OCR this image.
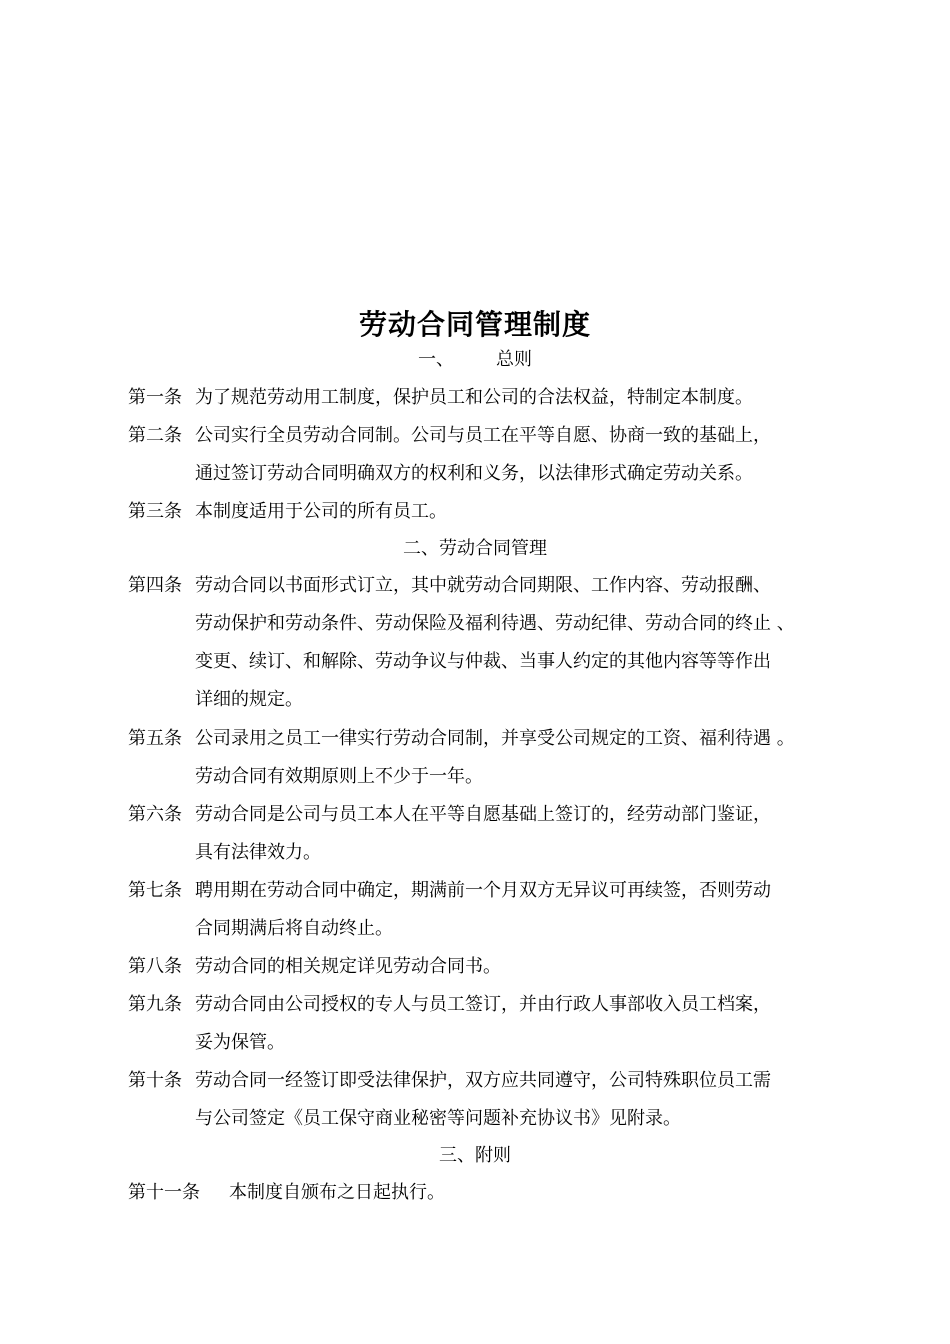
劳动合同管理制度
一、 总则
第一条 为了规范劳动用工制度，保护员工和公司的合法权益，特制定本制度。
第二条 公司实行全员劳动合同制。公司与员工在平等自愿、协商一致的基础上，
通过签订劳动合同明确双方的权利和义务，以法律形式确定劳动关系。
第三条 本制度适用于公司的所有员工。
二、劳动合同管理
第四条 劳动合同以书面形式订立，其中就劳动合同期限、工作内容、劳动报酬、
劳动保护和劳动条件、劳动保险及福利待遇、劳动纪律、劳动合同的终止 、
变更、续订、和解除、劳动争议与仲裁、当事人约定的其他内容等等作出
详细的规定。
第五条 公司录用之员工一律实行劳动合同制，并享受公司规定的工资、福利待遇 。
劳动合同有效期原则上不少于一年。
第六条 劳动合同是公司与员工本人在平等自愿基础上签订的，经劳动部门鉴证，
具有法律效力。
第七条 聘用期在劳动合同中确定，期满前一个月双方无异议可再续签，否则劳动
合同期满后将自动终止。
第八条 劳动合同的相关规定详见劳动合同书。
第九条 劳动合同由公司授权的专人与员工签订，并由行政人事部收入员工档案，
妥为保管。
第十条 劳动合同一经签订即受法律保护，双方应共同遵守，公司特殊职位员工需
与公司签定《员工保守商业秘密等问题补充协议书》见附录。
三、附则
第十一条 本制度自颁布之日起执行。
